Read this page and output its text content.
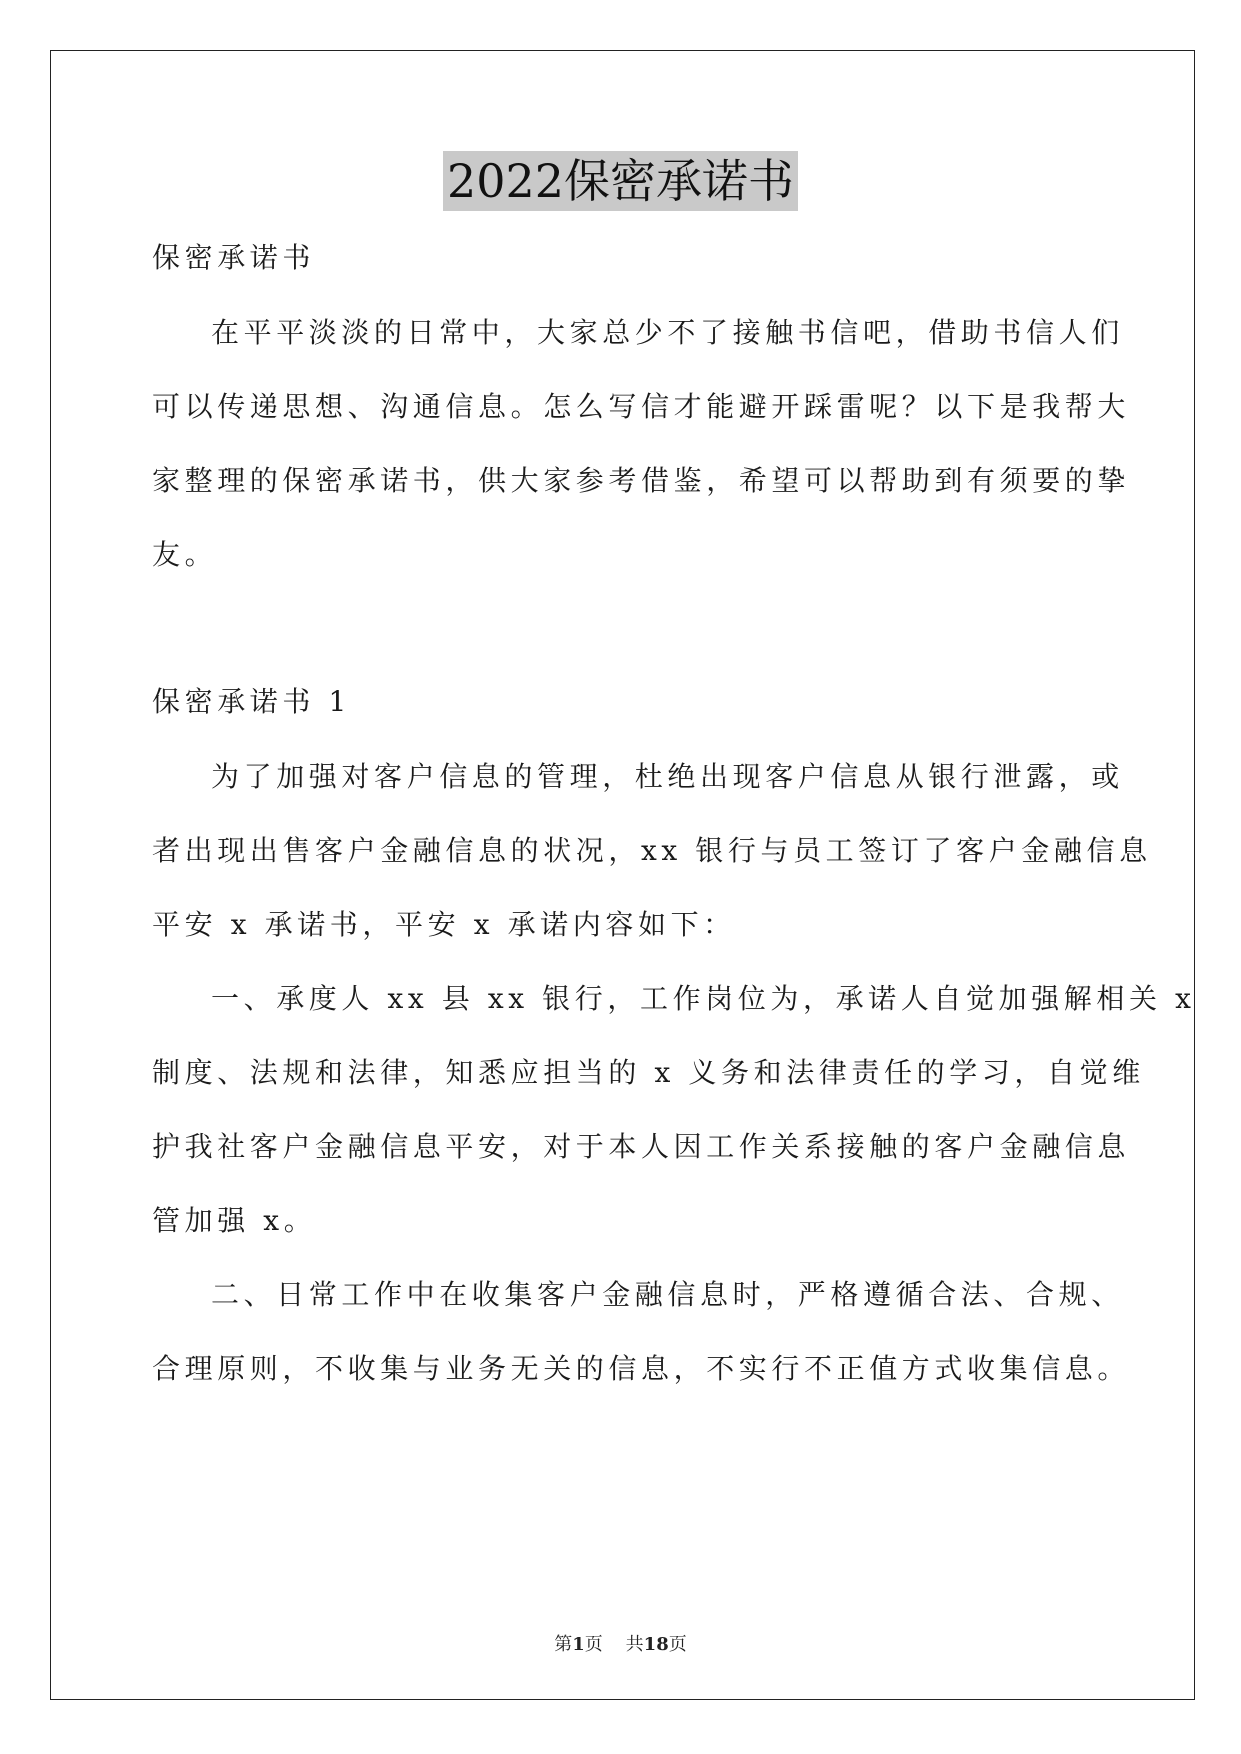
2022保密承诺书
保密承诺书
在平平淡淡的日常中，大家总少不了接触书信吧，借助书信人们
可以传递思想、沟通信息。怎么写信才能避开踩雷呢？以下是我帮大
家整理的保密承诺书，供大家参考借鉴，希望可以帮助到有须要的挚
友。
保密承诺书 1
为了加强对客户信息的管理，杜绝出现客户信息从银行泄露，或
者出现出售客户金融信息的状况，xx 银行与员工签订了客户金融信息
平安 x 承诺书，平安 x 承诺内容如下：
一、承度人 xx 县 xx 银行，工作岗位为，承诺人自觉加强解相关 x
制度、法规和法律，知悉应担当的 x 义务和法律责任的学习，自觉维
护我社客户金融信息平安，对于本人因工作关系接触的客户金融信息
管加强 x。
二、日常工作中在收集客户金融信息时，严格遵循合法、合规、
合理原则，不收集与业务无关的信息，不实行不正值方式收集信息。
第1页 共18页
